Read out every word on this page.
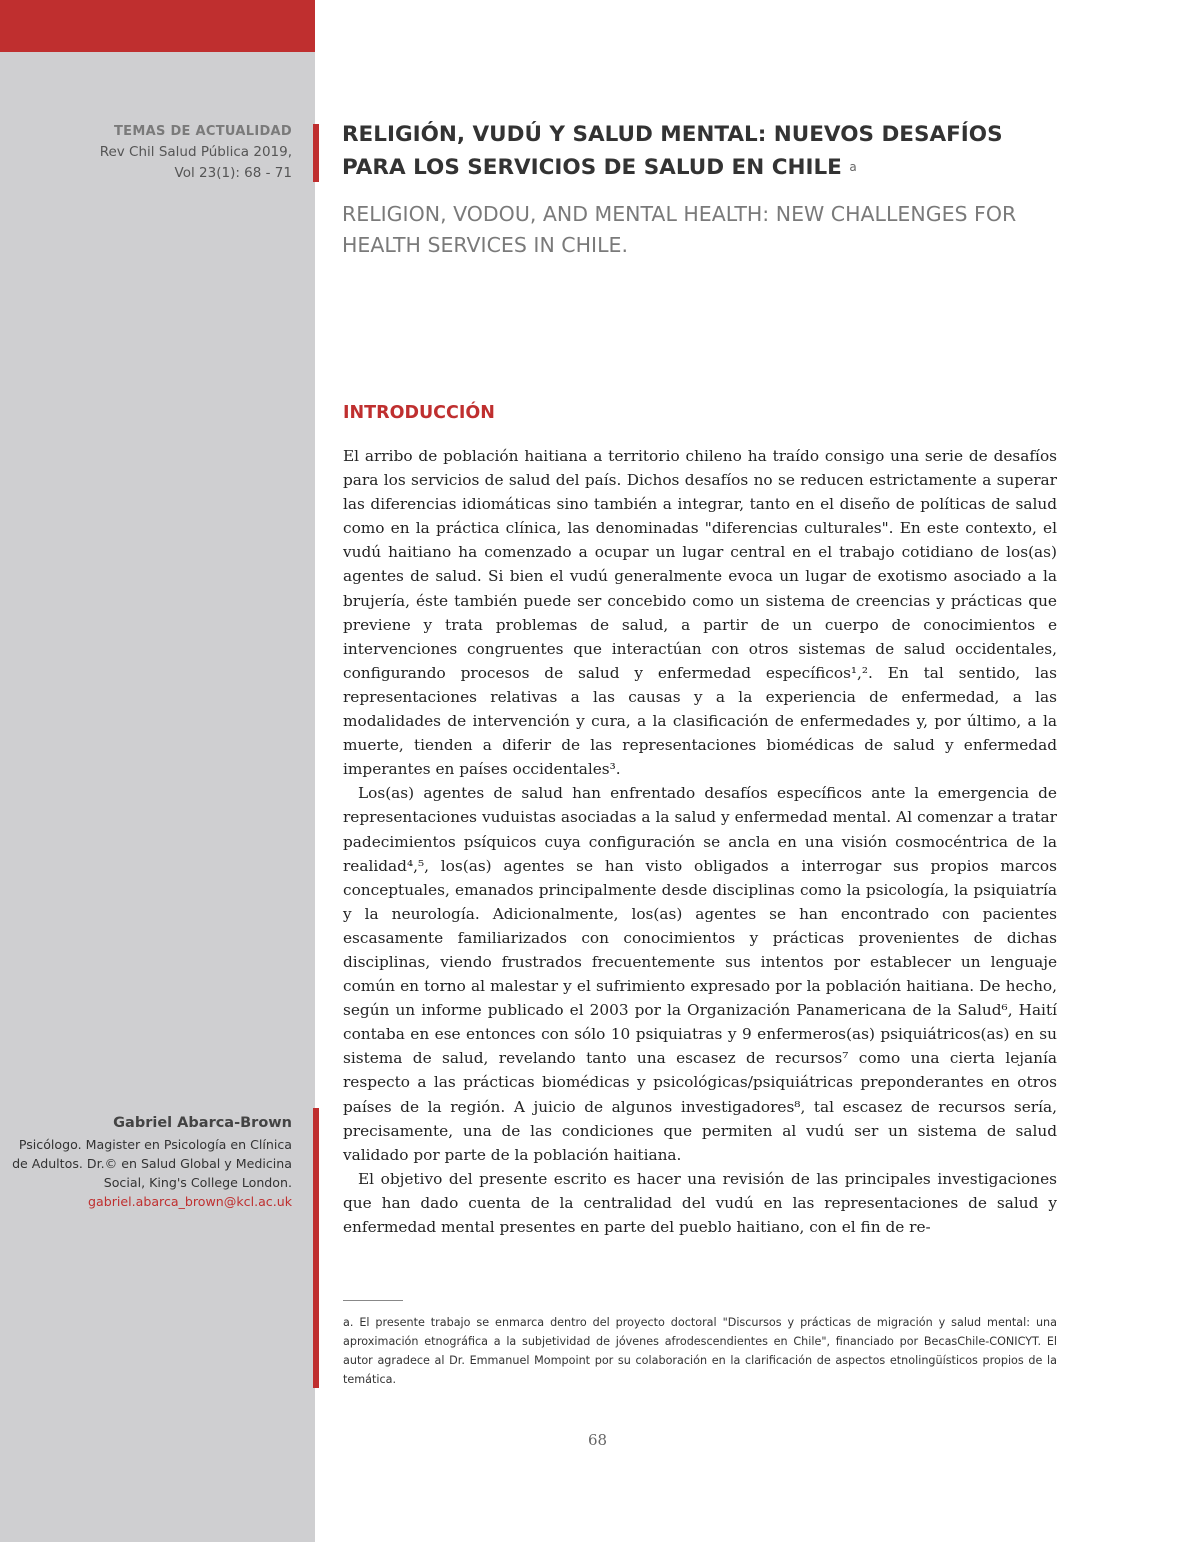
TEMAS DE ACTUALIDAD
Rev Chil Salud Pública 2019,
Vol 23(1): 68 - 71
RELIGIÓN, VUDÚ Y SALUD MENTAL: NUEVOS DESAFÍOS PARA LOS SERVICIOS DE SALUD EN CHILE $^a$
RELIGION, VODOU, AND MENTAL HEALTH: NEW CHALLENGES FOR HEALTH SERVICES IN CHILE.
INTRODUCCIÓN

El arribo de población haitiana a territorio chileno ha traído consigo una serie de desafíos para los servicios de salud del país. Dichos desafíos no se reducen estrictamente a superar las diferencias idiomáticas sino también a integrar, tanto en el diseño de políticas de salud como en la práctica clínica, las denominadas "diferencias culturales". En este contexto, el vudú haitiano ha comenzado a ocupar un lugar central en el trabajo cotidiano de los(as) agentes de salud. Si bien el vudú generalmente evoca un lugar de exotismo asociado a la brujería, éste también puede ser concebido como un sistema de creencias y prácticas que previene y trata problemas de salud, a partir de un cuerpo de conocimientos e intervenciones congruentes que interactúan con otros sistemas de salud occidentales, configurando procesos de salud y enfermedad específicos¹,². En tal sentido, las representaciones relativas a las causas y a la experiencia de enfermedad, a las modalidades de intervención y cura, a la clasificación de enfermedades y, por último, a la muerte, tienden a diferir de las representaciones biomédicas de salud y enfermedad imperantes en países occidentales³.

Los(as) agentes de salud han enfrentado desafíos específicos ante la emergencia de representaciones vuduistas asociadas a la salud y enfermedad mental. Al comenzar a tratar padecimientos psíquicos cuya configuración se ancla en una visión cosmocéntrica de la realidad⁴,⁵, los(as) agentes se han visto obligados a interrogar sus propios marcos conceptuales, emanados principalmente desde disciplinas como la psicología, la psiquiatría y la neurología. Adicionalmente, los(as) agentes se han encontrado con pacientes escasamente familiarizados con conocimientos y prácticas provenientes de dichas disciplinas, viendo frustrados frecuentemente sus intentos por establecer un lenguaje común en torno al malestar y el sufrimiento expresado por la población haitiana. De hecho, según un informe publicado el 2003 por la Organización Panamericana de la Salud⁶, Haití contaba en ese entonces con sólo 10 psiquiatras y 9 enfermeros(as) psiquiátricos(as) en su sistema de salud, revelando tanto una escasez de recursos⁷ como una cierta lejanía respecto a las prácticas biomédicas y psicológicas/psiquiátricas preponderantes en otros países de la región. A juicio de algunos investigadores⁸, tal escasez de recursos sería, precisamente, una de las condiciones que permiten al vudú ser un sistema de salud validado por parte de la población haitiana.

El objetivo del presente escrito es hacer una revisión de las principales investigaciones que han dado cuenta de la centralidad del vudú en las representaciones de salud y enfermedad mental presentes en parte del pueblo haitiano, con el fin de re-

Gabriel Abarca-Brown
Psicólogo. Magister en Psicología en Clínica de Adultos. Dr.© en Salud Global y Medicina Social, King's College London.
gabriel.abarca_brown@kcl.ac.uk
a. El presente trabajo se enmarca dentro del proyecto doctoral "Discursos y prácticas de migración y salud mental: una aproximación etnográfica a la subjetividad de jóvenes afrodescendientes en Chile", financiado por BecasChile-CONICYT. El autor agradece al Dr. Emmanuel Mompoint por su colaboración en la clarificación de aspectos etnolingüísticos propios de la temática.
68
